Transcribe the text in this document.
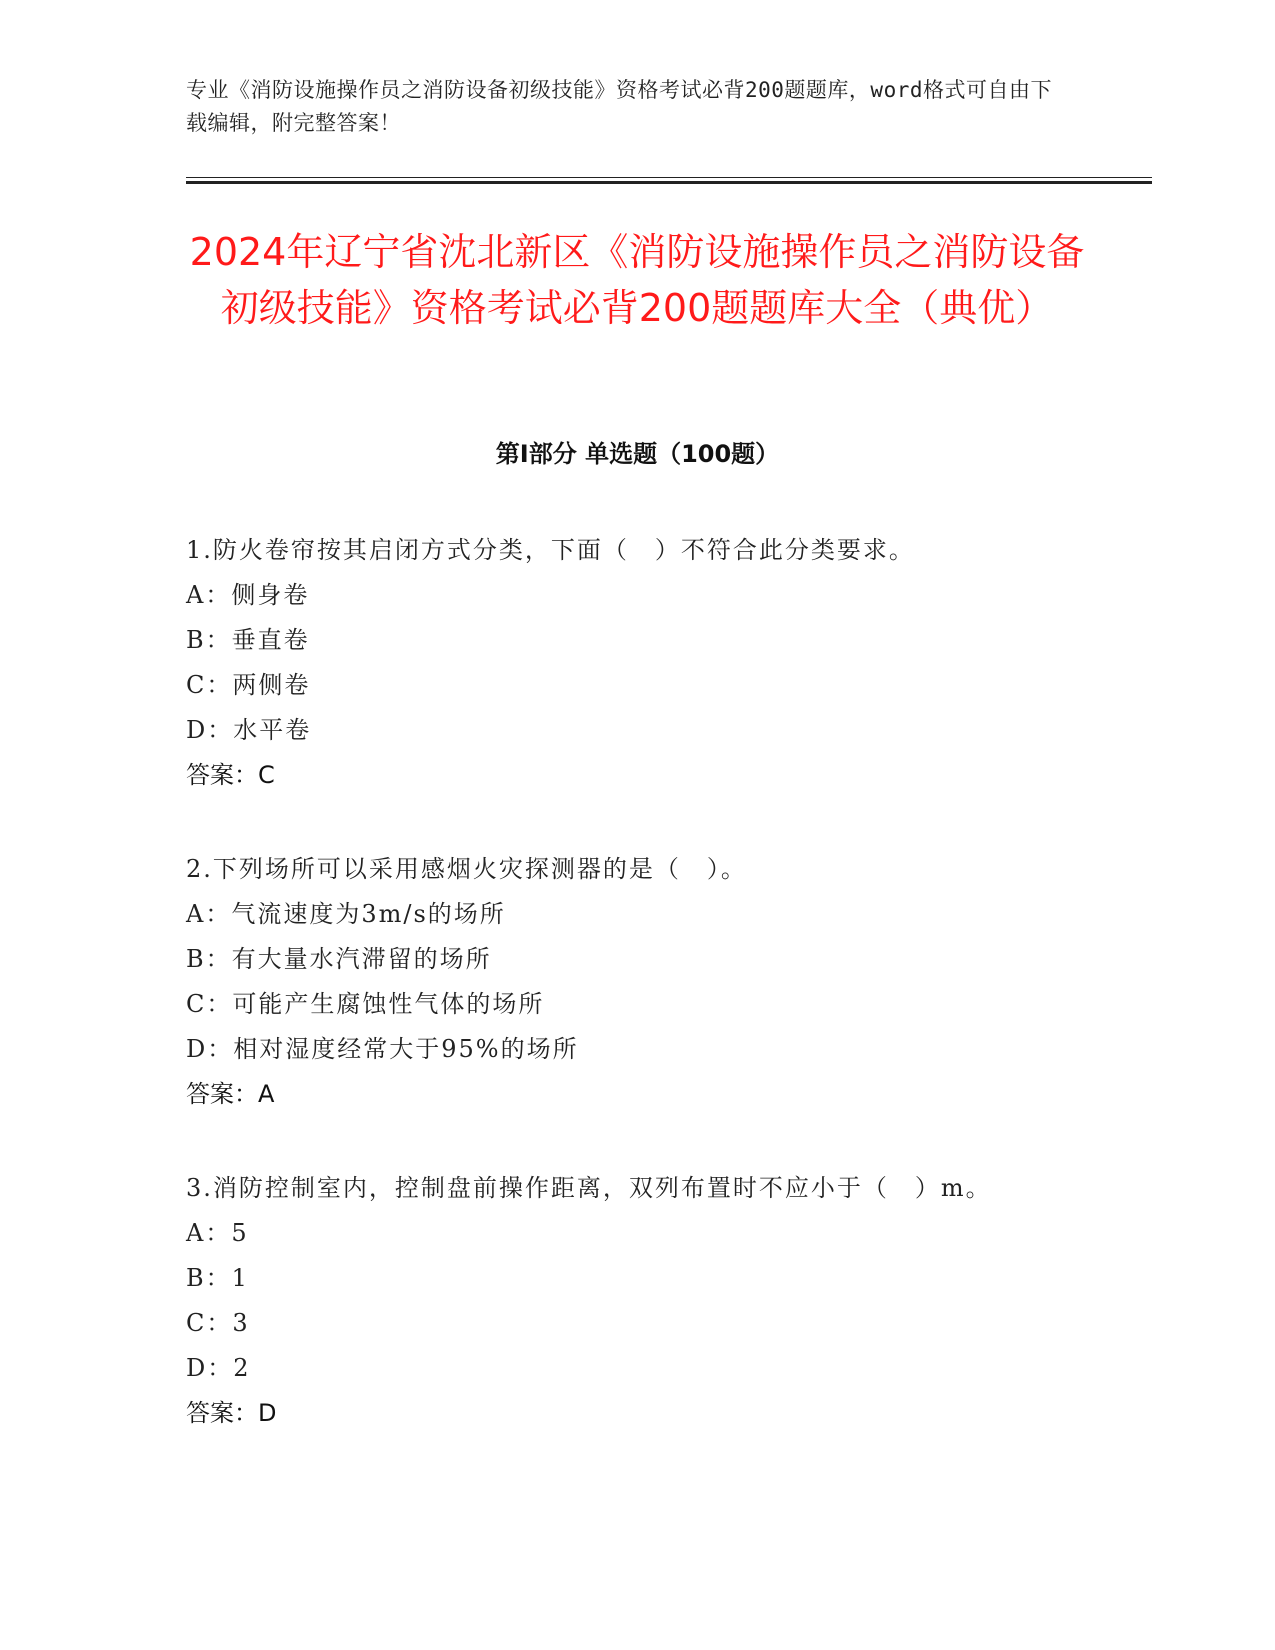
专业《消防设施操作员之消防设备初级技能》资格考试必背200题题库，word格式可自由下载编辑，附完整答案！
2024年辽宁省沈北新区《消防设施操作员之消防设备初级技能》资格考试必背200题题库大全（典优）
第Ⅰ部分 单选题（100题）
1.防火卷帘按其启闭方式分类，下面（　）不符合此分类要求。
A：侧身卷
B：垂直卷
C：两侧卷
D：水平卷
答案：C
2.下列场所可以采用感烟火灾探测器的是（　）。
A：气流速度为3m/s的场所
B：有大量水汽滞留的场所
C：可能产生腐蚀性气体的场所
D：相对湿度经常大于95%的场所
答案：A
3.消防控制室内，控制盘前操作距离，双列布置时不应小于（　）m。
A：5
B：1
C：3
D：2
答案：D
